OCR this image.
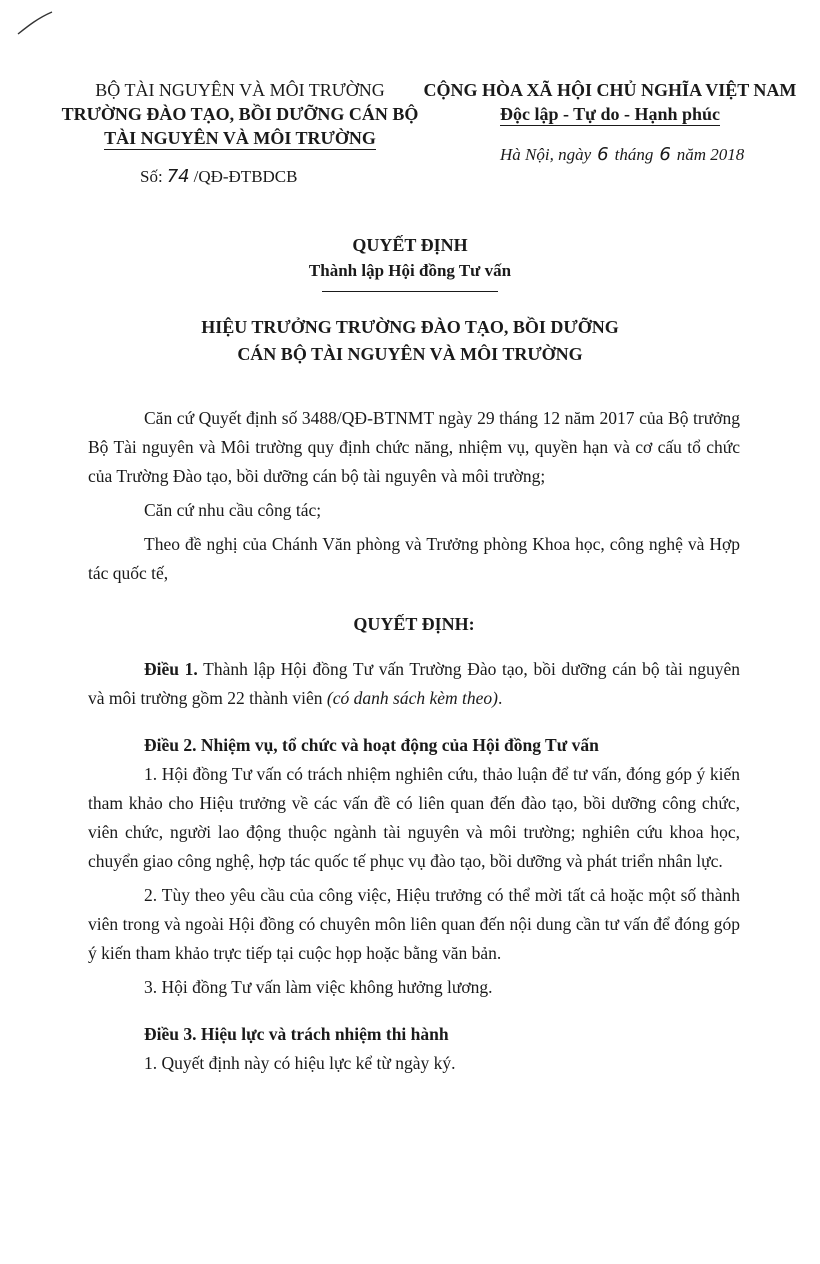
BỘ TÀI NGUYÊN VÀ MÔI TRƯỜNG
TRƯỜNG ĐÀO TẠO, BỒI DƯỠNG CÁN BỘ
TÀI NGUYÊN VÀ MÔI TRƯỜNG
CỘNG HÒA XÃ HỘI CHỦ NGHĨA VIỆT NAM
Độc lập - Tự do - Hạnh phúc
Hà Nội, ngày 6 tháng 6 năm 2018
Số: 74 /QĐ-ĐTBDCB
QUYẾT ĐỊNH
Thành lập Hội đồng Tư vấn
HIỆU TRƯỞNG TRƯỜNG ĐÀO TẠO, BỒI DƯỠNG
CÁN BỘ TÀI NGUYÊN VÀ MÔI TRƯỜNG

Căn cứ Quyết định số 3488/QĐ-BTNMT ngày 29 tháng 12 năm 2017 của Bộ trưởng Bộ Tài nguyên và Môi trường quy định chức năng, nhiệm vụ, quyền hạn và cơ cấu tổ chức của Trường Đào tạo, bồi dưỡng cán bộ tài nguyên và môi trường;

Căn cứ nhu cầu công tác;

Theo đề nghị của Chánh Văn phòng và Trưởng phòng Khoa học, công nghệ và Hợp tác quốc tế,

QUYẾT ĐỊNH:

Điều 1. Thành lập Hội đồng Tư vấn Trường Đào tạo, bồi dưỡng cán bộ tài nguyên và môi trường gồm 22 thành viên (có danh sách kèm theo).

Điều 2. Nhiệm vụ, tổ chức và hoạt động của Hội đồng Tư vấn

1. Hội đồng Tư vấn có trách nhiệm nghiên cứu, thảo luận để tư vấn, đóng góp ý kiến tham khảo cho Hiệu trưởng về các vấn đề có liên quan đến đào tạo, bồi dưỡng công chức, viên chức, người lao động thuộc ngành tài nguyên và môi trường; nghiên cứu khoa học, chuyển giao công nghệ, hợp tác quốc tế phục vụ đào tạo, bồi dưỡng và phát triển nhân lực.

2. Tùy theo yêu cầu của công việc, Hiệu trưởng có thể mời tất cả hoặc một số thành viên trong và ngoài Hội đồng có chuyên môn liên quan đến nội dung cần tư vấn để đóng góp ý kiến tham khảo trực tiếp tại cuộc họp hoặc bằng văn bản.

3. Hội đồng Tư vấn làm việc không hưởng lương.

Điều 3. Hiệu lực và trách nhiệm thi hành

1. Quyết định này có hiệu lực kể từ ngày ký.
